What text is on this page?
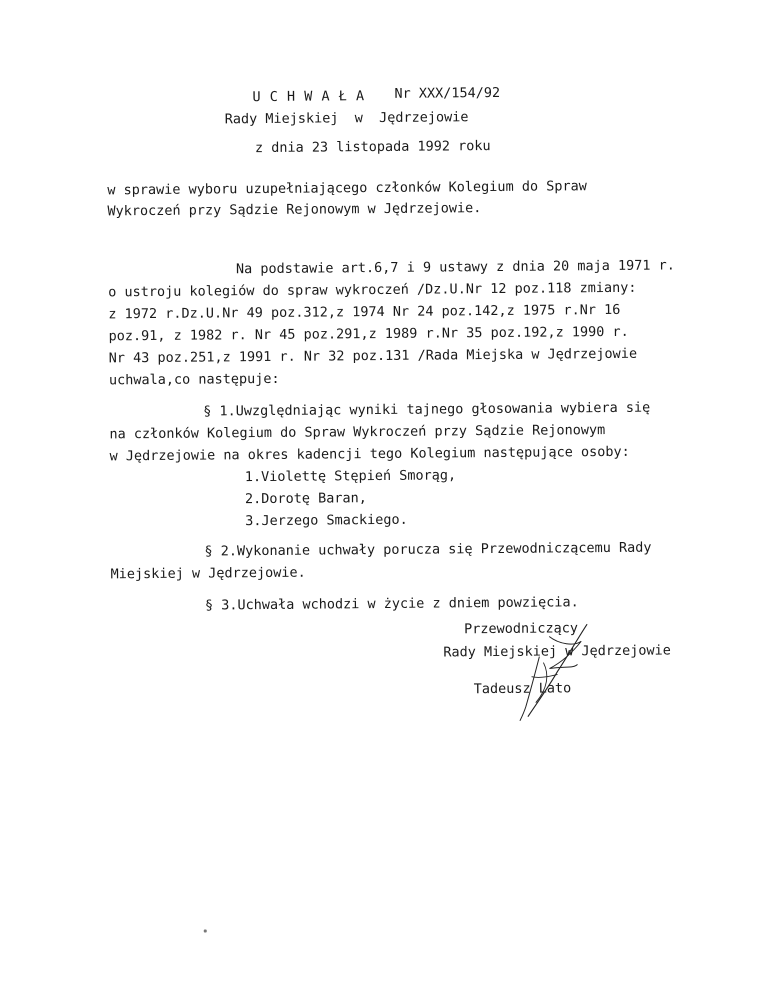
U C H W A Ł A Nr XXX/154/92
Rady Miejskiej  w  Jędrzejowie
z dnia 23 listopada 1992 roku
w sprawie wyboru uzupełniającego członków Kolegium do Spraw
Wykroczeń przy Sądzie Rejonowym w Jędrzejowie.
Na podstawie art.6,7 i 9 ustawy z dnia 20 maja 1971 r.
o ustroju kolegiów do spraw wykroczeń /Dz.U.Nr 12 poz.118 zmiany:
z 1972 r.Dz.U.Nr 49 poz.312,z 1974 Nr 24 poz.142,z 1975 r.Nr 16
poz.91, z 1982 r. Nr 45 poz.291,z 1989 r.Nr 35 poz.192,z 1990 r.
Nr 43 poz.251,z 1991 r. Nr 32 poz.131 /Rada Miejska w Jędrzejowie
uchwala,co następuje:
§ 1.Uwzględniając wyniki tajnego głosowania wybiera się
na członków Kolegium do Spraw Wykroczeń przy Sądzie Rejonowym
w Jędrzejowie na okres kadencji tego Kolegium następujące osoby:
1.Violettę Stępień Smorąg,
2.Dorotę Baran,
3.Jerzego Smackiego.
§ 2.Wykonanie uchwały porucza się Przewodniczącemu Rady
Miejskiej w Jędrzejowie.
§ 3.Uchwała wchodzi w życie z dniem powzięcia.
Przewodniczący
Rady Miejskiej w Jędrzejowie
Tadeusz Lato
